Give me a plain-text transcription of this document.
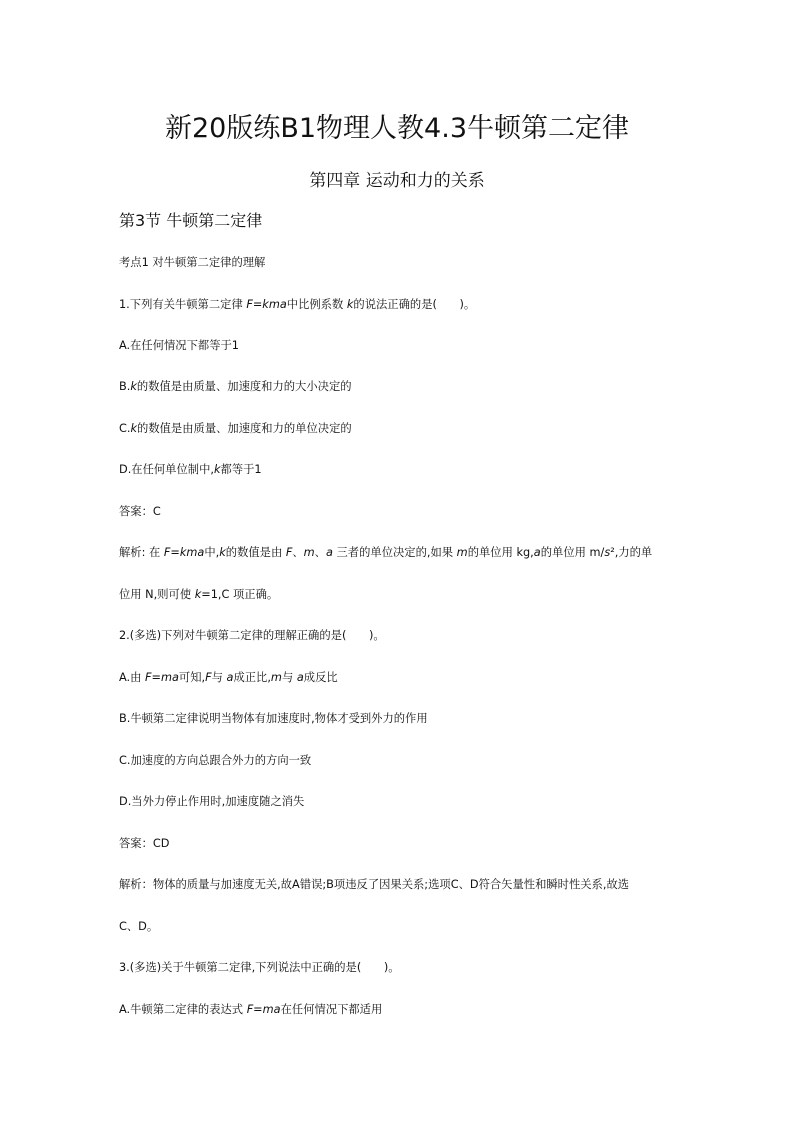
新20版练B1物理人教4.3牛顿第二定律
第四章 运动和力的关系
第3节 牛顿第二定律
考点1 对牛顿第二定律的理解
1.下列有关牛顿第二定律 F=kma中比例系数 k的说法正确的是(　　)。
A.在任何情况下都等于1
B.k的数值是由质量、加速度和力的大小决定的
C.k的数值是由质量、加速度和力的单位决定的
D.在任何单位制中,k都等于1
答案：C
解析: 在 F=kma中,k的数值是由 F、m、a 三者的单位决定的,如果 m的单位用 kg,a的单位用 m/s²,力的单
位用 N,则可使 k=1,C 项正确。
2.(多选)下列对牛顿第二定律的理解正确的是(　　)。
A.由 F=ma可知,F与 a成正比,m与 a成反比
B.牛顿第二定律说明当物体有加速度时,物体才受到外力的作用
C.加速度的方向总跟合外力的方向一致
D.当外力停止作用时,加速度随之消失
答案：CD
解析：物体的质量与加速度无关,故A错误;B项违反了因果关系;选项C、D符合矢量性和瞬时性关系,故选
C、D。
3.(多选)关于牛顿第二定律,下列说法中正确的是(　　)。
A.牛顿第二定律的表达式 F=ma在任何情况下都适用
